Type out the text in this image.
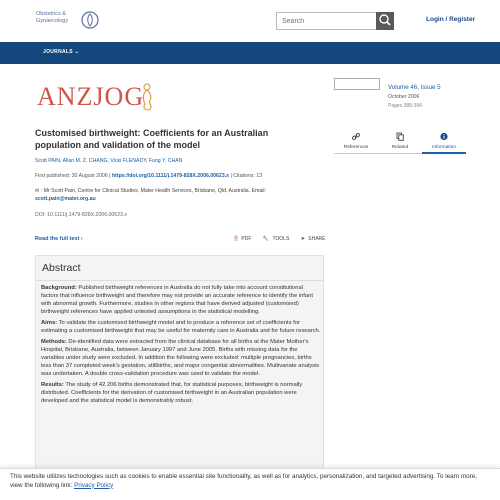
Obstetrics &
Gynaecology
Search	Login / Register
JOURNALS ⌄
ANZJOG
Customised birthweight: Coefficients for an Australian population and validation of the model
Scott PAIN, Allan M. Z. CHANG, Vicki FLENADY, Fung Y. CHAN
First published: 30 August 2006 | https://doi.org/10.1111/j.1479-828X.2006.00623.x | Citations: 13
✉ : Mr Scott Pain, Centre for Clinical Studies, Mater Health Services, Brisbane, Qld, Australia. Email: scott.pain@mater.org.au
DOI: 10.1111/j.1479-828X.2006.00623.x
Read the full text ›	🗎 PDF 🔧 TOOLS ➤ SHARE
Abstract

Background: Published birthweight references in Australia do not fully take into account constitutional factors that influence birthweight and therefore may not provide an accurate reference to identify the infant with abnormal growth. Furthermore, studies in other regions that have derived adjusted (customised) birthweight references have applied untested assumptions in the statistical modelling.

Aims: To validate the customised birthweight model and to produce a reference set of coefficients for estimating a customised birthweight that may be useful for maternity care in Australia and for future research.

Methods: De-identified data were extracted from the clinical database for all births at the Mater Mother's Hospital, Brisbane, Australia, between January 1997 and June 2005. Births with missing data for the variables under study were excluded. In addition the following were excluded: multiple pregnancies, births less than 37 completed week's gestation, stillbirths, and major congenital abnormalities. Multivariate analysis was undertaken. A double cross-validation procedure was used to validate the model.

Results: The study of 42 206 births demonstrated that, for statistical purposes, birthweight is normally distributed. Coefficients for the derivation of customised birthweight in an Australian population were developed and the statistical model is demonstrably robust.

Volume 46, Issue 5
October 2006
Pages 388-394
References	Related	Information
This website utilizes technologies such as cookies to enable essential site functionality, as well as for analytics, personalization, and targeted advertising. To learn more, view the following link: Privacy Policy
